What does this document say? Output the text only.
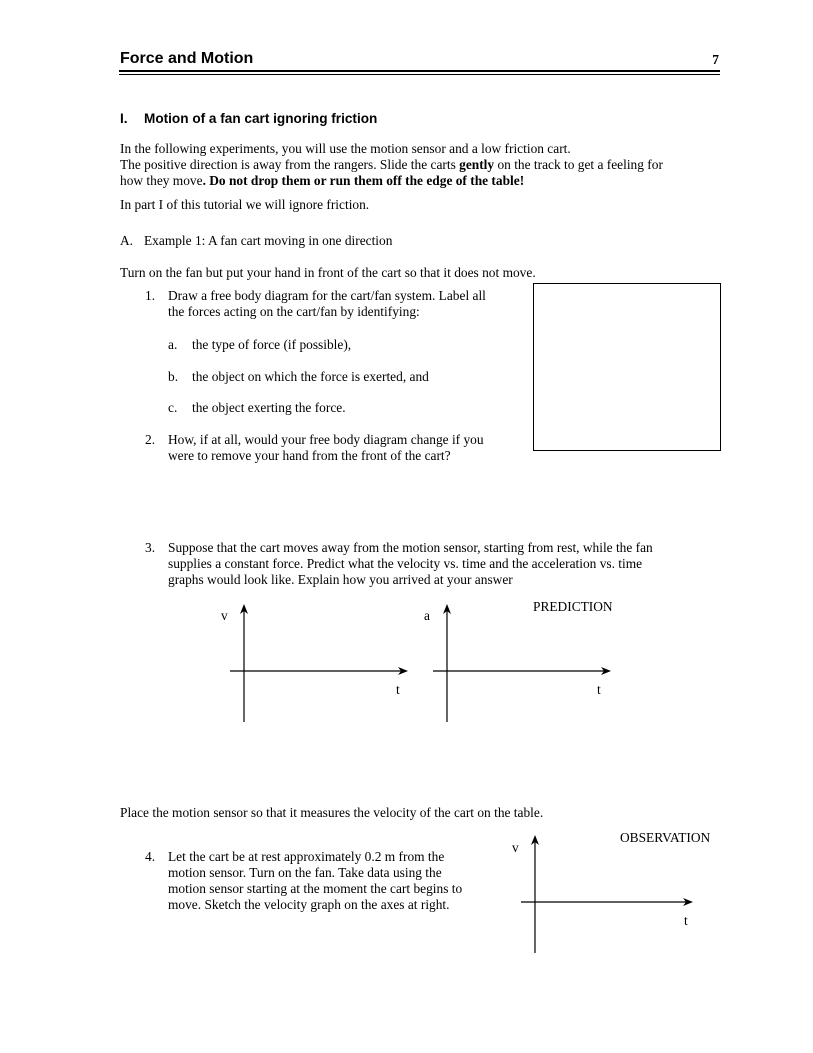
Force and Motion	7
I. Motion of a fan cart ignoring friction
In the following experiments, you will use the motion sensor and a low friction cart.
The positive direction is away from the rangers. Slide the carts gently on the track to get a feeling for
how they move. Do not drop them or run them off the edge of the table!
In part I of this tutorial we will ignore friction.
A. Example 1: A fan cart moving in one direction
Turn on the fan but put your hand in front of the cart so that it does not move.
1. Draw a free body diagram for the cart/fan system. Label all
the forces acting on the cart/fan by identifying:
a. the type of force (if possible),
b. the object on which the force is exerted, and
c. the object exerting the force.
2. How, if at all, would your free body diagram change if you
were to remove your hand from the front of the cart?
3. Suppose that the cart moves away from the motion sensor, starting from rest, while the fan
supplies a constant force. Predict what the velocity vs. time and the acceleration vs. time
graphs would look like. Explain how you arrived at your answer
PREDICTION
v
t
a
t
Place the motion sensor so that it measures the velocity of the cart on the table.
OBSERVATION
4. Let the cart be at rest approximately 0.2 m from the
motion sensor. Turn on the fan. Take data using the
motion sensor starting at the moment the cart begins to
move. Sketch the velocity graph on the axes at right.
v
t
